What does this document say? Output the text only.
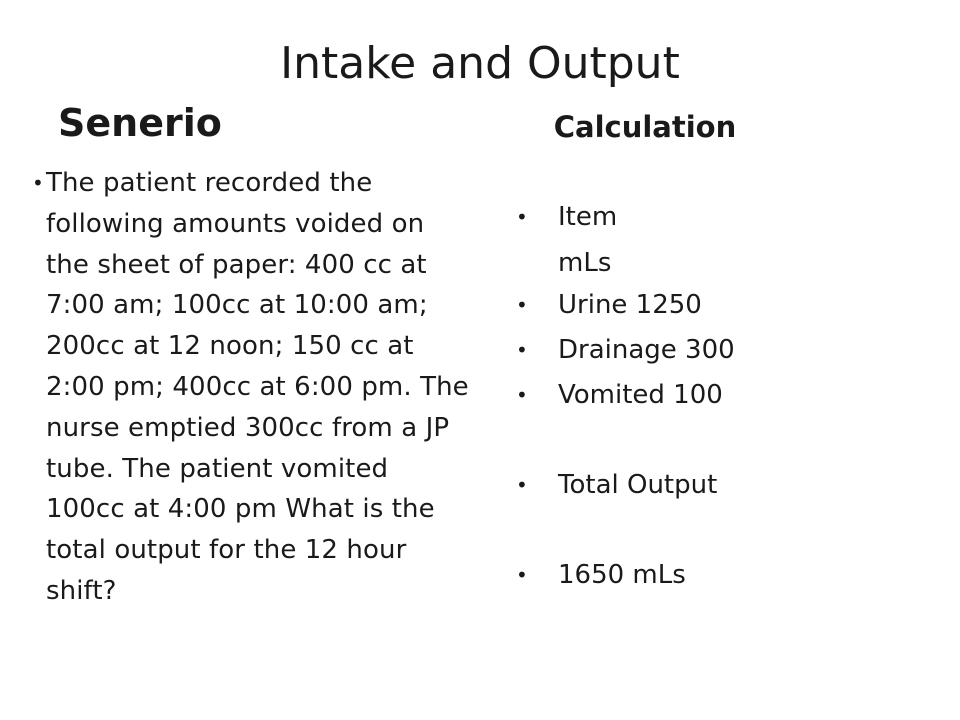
Intake and Output
Senerio	Calculation
• The patient recorded the following amounts voided on the sheet of paper: 400 cc at 7:00 am; 100cc at 10:00 am; 200cc at 12 noon; 150 cc at 2:00 pm; 400cc at 6:00 pm. The nurse emptied 300cc from a JP tube. The patient vomited 100cc at 4:00 pm What is the total output for the 12 hour shift?
• Item
mLs
• Urine 1250
• Drainage 300
• Vomited 100
• Total Output
• 1650 mLs
